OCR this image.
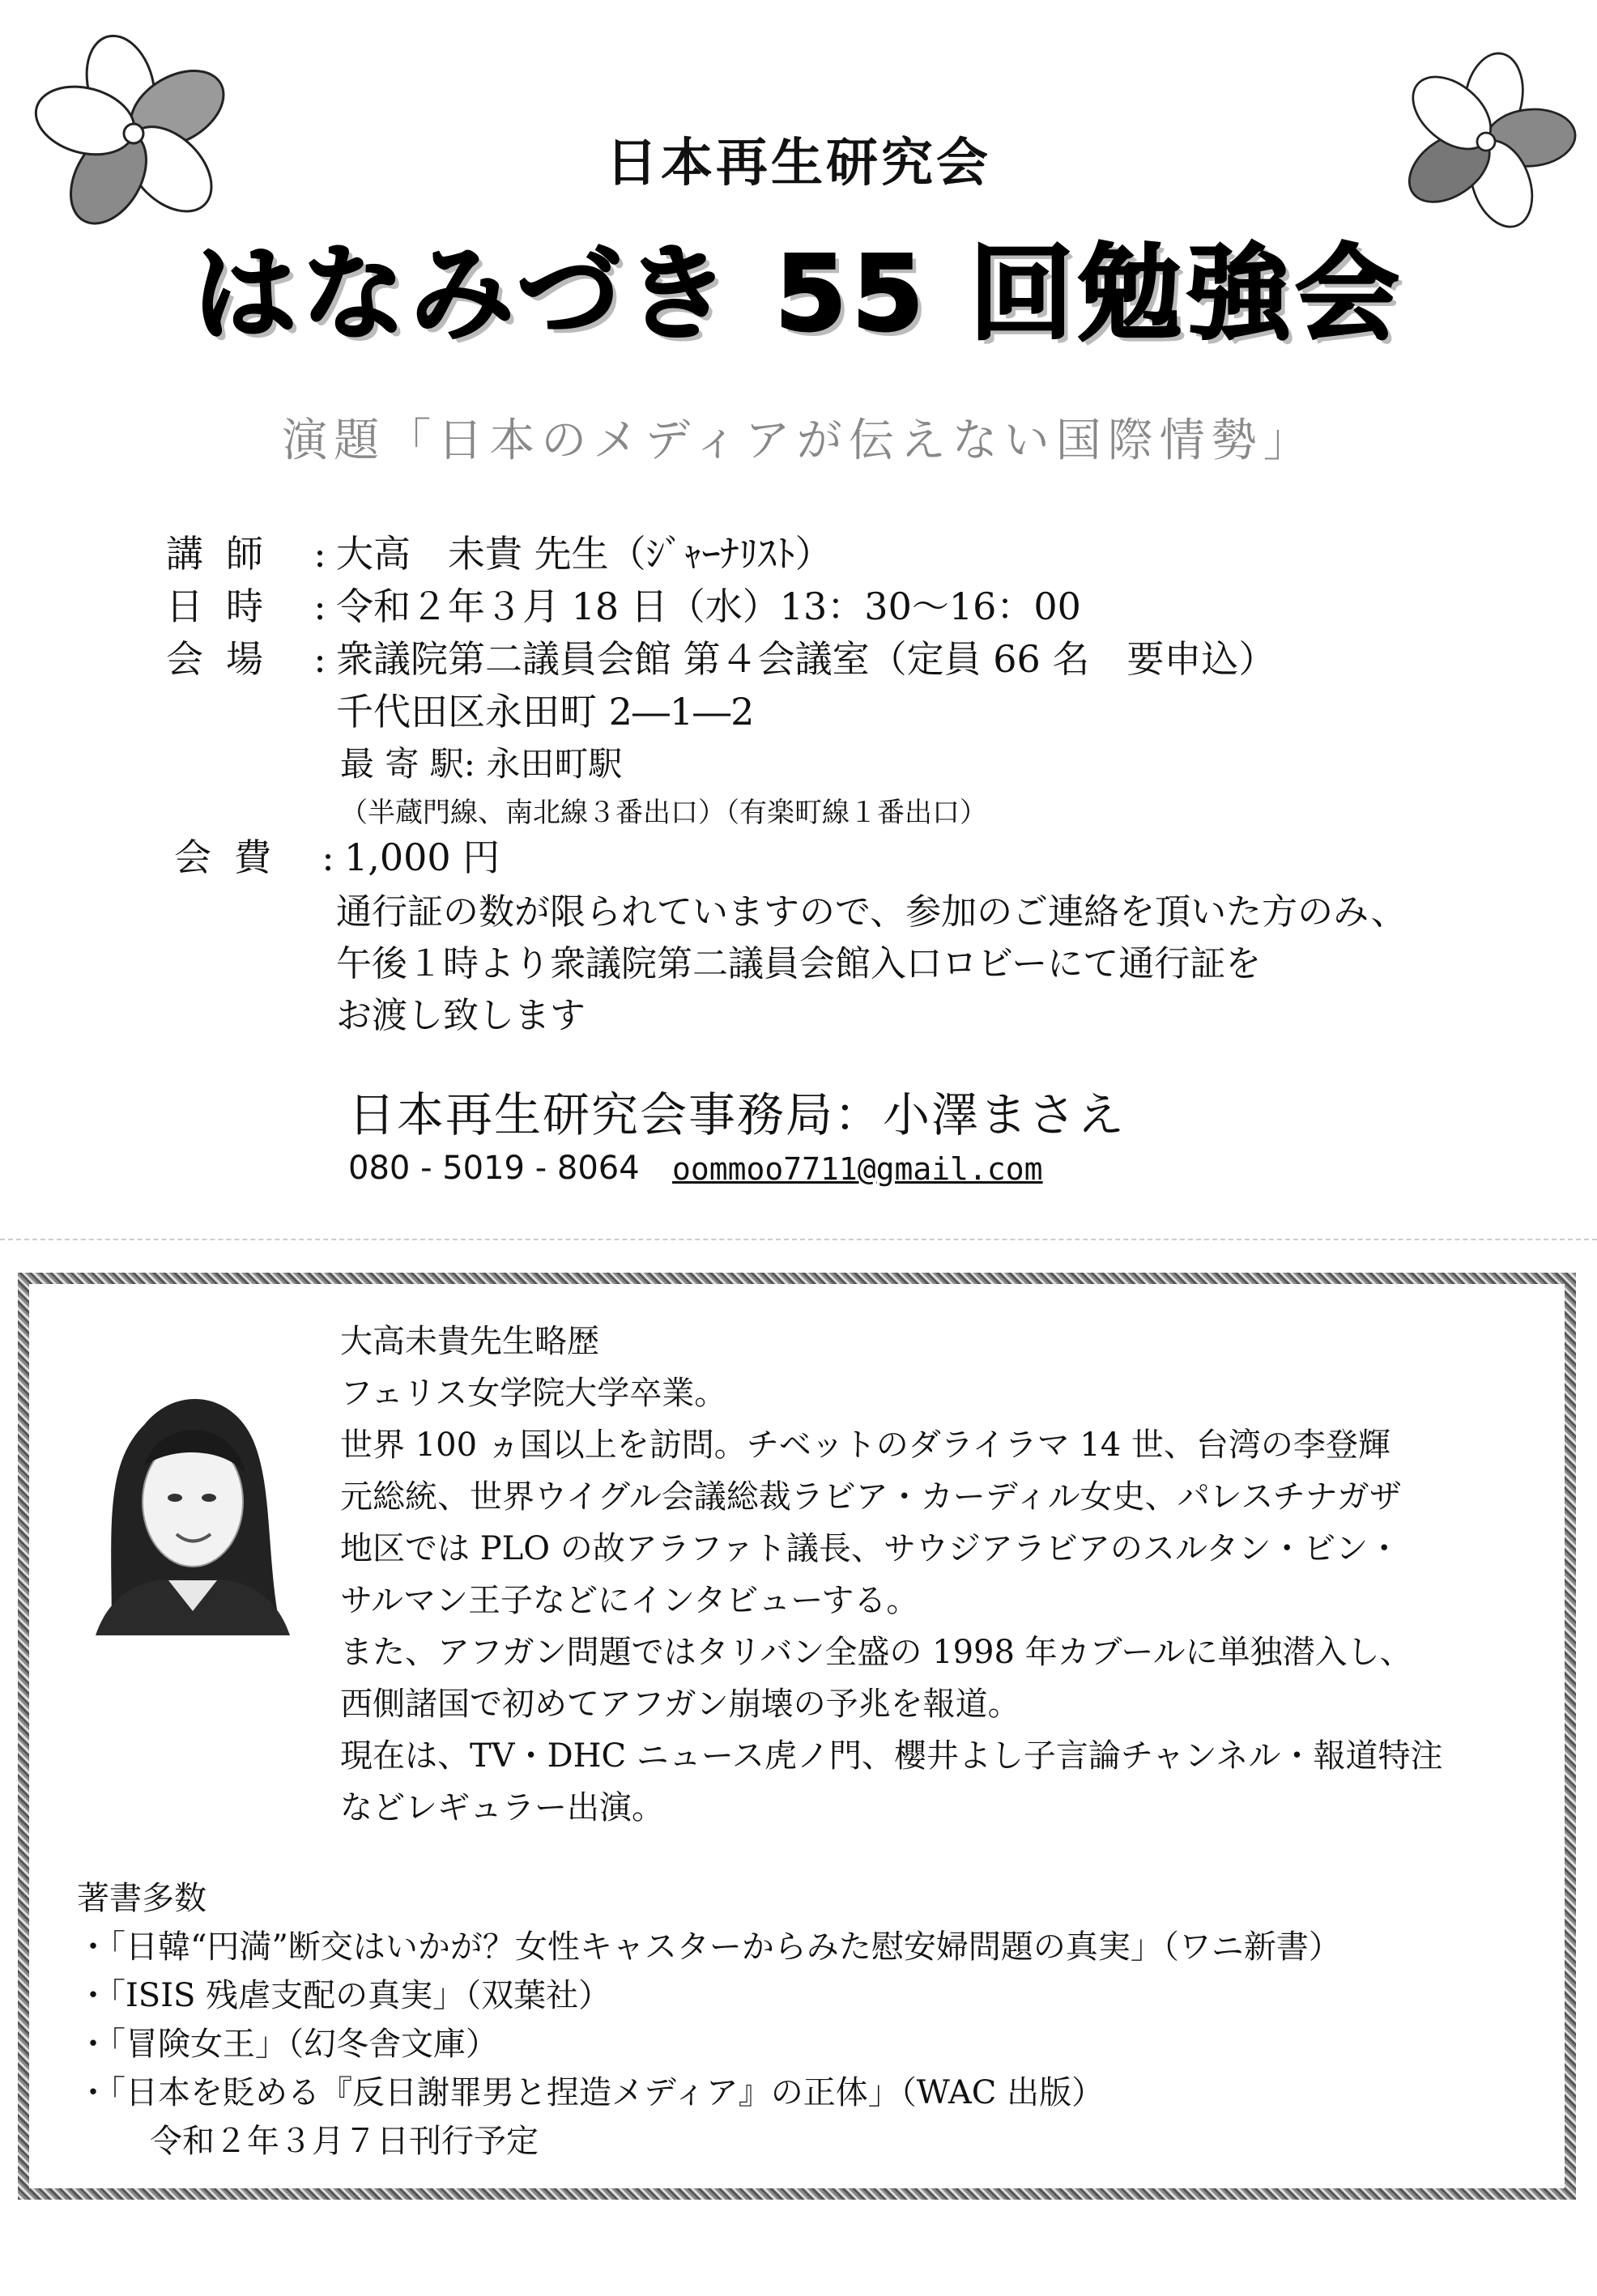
日本再生研究会
はなみづき 55 回勉強会
演題「日本のメディアが伝えない国際情勢」
講師 : 大高　未貴 先生（ｼﾞｬｰﾅﾘｽﾄ）
日時 : 令和２年３月 18 日（水）13：30～16：00
会場 : 衆議院第二議員会館 第４会議室（定員 66 名　要申込）
千代田区永田町 2―1―2
最 寄 駅: 永田町駅
（半蔵門線、南北線３番出口）（有楽町線１番出口）
会費 : 1,000 円
通行証の数が限られていますので、参加のご連絡を頂いた方のみ、
午後１時より衆議院第二議員会館入口ロビーにて通行証を
お渡し致します
日本再生研究会事務局：小澤まさえ
080 - 5019 - 8064 oommoo7711@gmail.com
大高未貴先生略歴
フェリス女学院大学卒業。
世界 100 ヵ国以上を訪問。チベットのダライラマ 14 世、台湾の李登輝
元総統、世界ウイグル会議総裁ラビア・カーディル女史、パレスチナガザ
地区では PLO の故アラファト議長、サウジアラビアのスルタン・ビン・
サルマン王子などにインタビューする。
また、アフガン問題ではタリバン全盛の 1998 年カブールに単独潜入し、
西側諸国で初めてアフガン崩壊の予兆を報道。
現在は、TV・DHC ニュース虎ノ門、櫻井よし子言論チャンネル・報道特注
などレギュラー出演。
著書多数
・「日韓“円満”断交はいかが？女性キャスターからみた慰安婦問題の真実」（ワニ新書）
・「ISIS 残虐支配の真実」（双葉社）
・「冒険女王」（幻冬舎文庫）
・「日本を貶める『反日謝罪男と捏造メディア』の正体」（WAC 出版）
令和２年３月７日刊行予定
